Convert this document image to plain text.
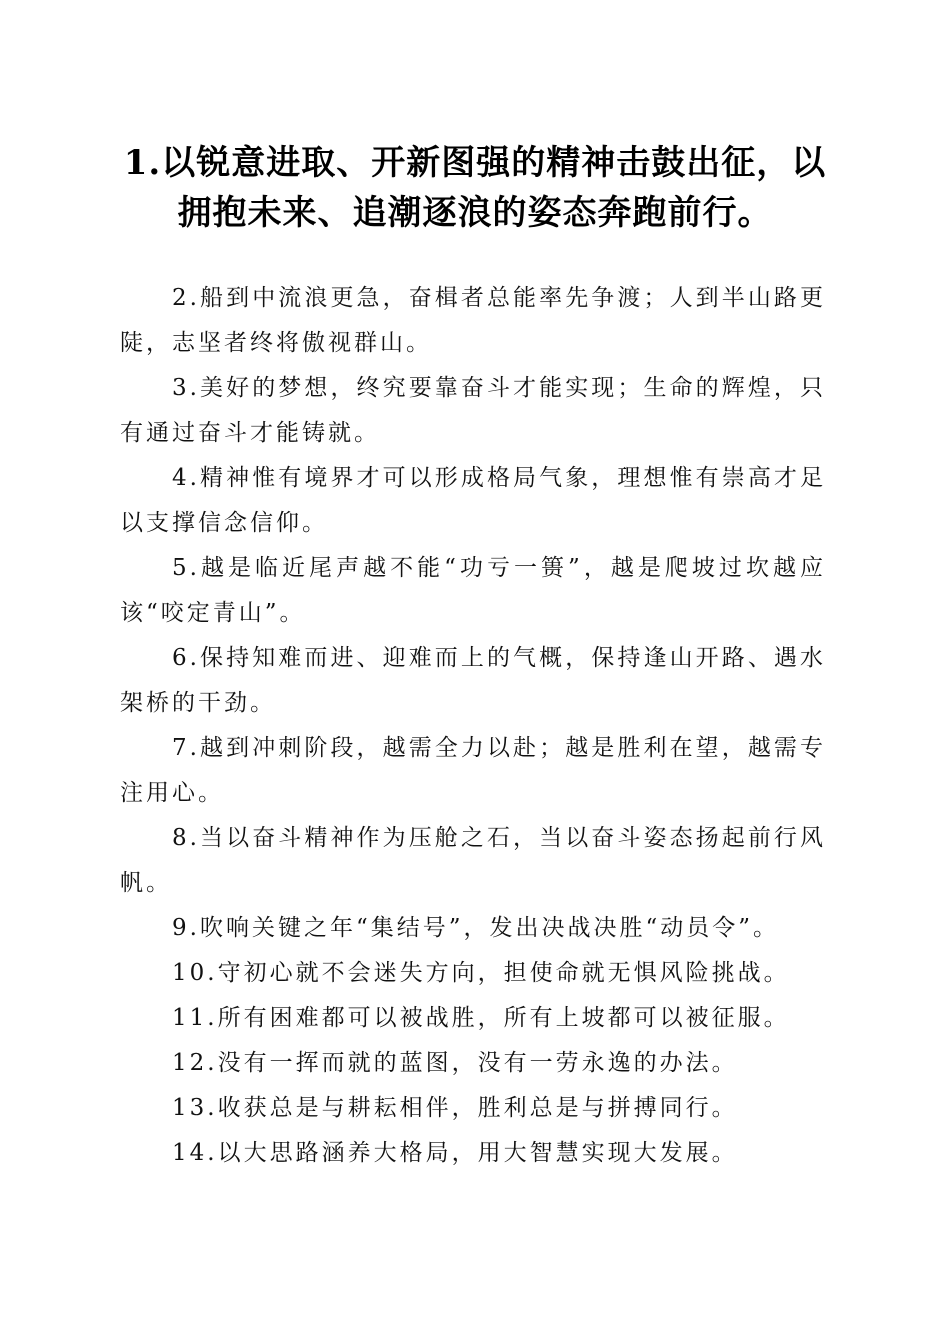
1.以锐意进取、开新图强的精神击鼓出征，以拥抱未来、追潮逐浪的姿态奔跑前行。

2.船到中流浪更急，奋楫者总能率先争渡；人到半山路更陡，志坚者终将傲视群山。

3.美好的梦想，终究要靠奋斗才能实现；生命的辉煌，只有通过奋斗才能铸就。

4.精神惟有境界才可以形成格局气象，理想惟有崇高才足以支撑信念信仰。

5.越是临近尾声越不能“功亏一篑”，越是爬坡过坎越应该“咬定青山”。

6.保持知难而进、迎难而上的气概，保持逢山开路、遇水架桥的干劲。

7.越到冲刺阶段，越需全力以赴；越是胜利在望，越需专注用心。

8.当以奋斗精神作为压舱之石，当以奋斗姿态扬起前行风帆。

9.吹响关键之年“集结号”，发出决战决胜“动员令”。

10.守初心就不会迷失方向，担使命就无惧风险挑战。

11.所有困难都可以被战胜，所有上坡都可以被征服。

12.没有一挥而就的蓝图，没有一劳永逸的办法。

13.收获总是与耕耘相伴，胜利总是与拼搏同行。

14.以大思路涵养大格局，用大智慧实现大发展。
